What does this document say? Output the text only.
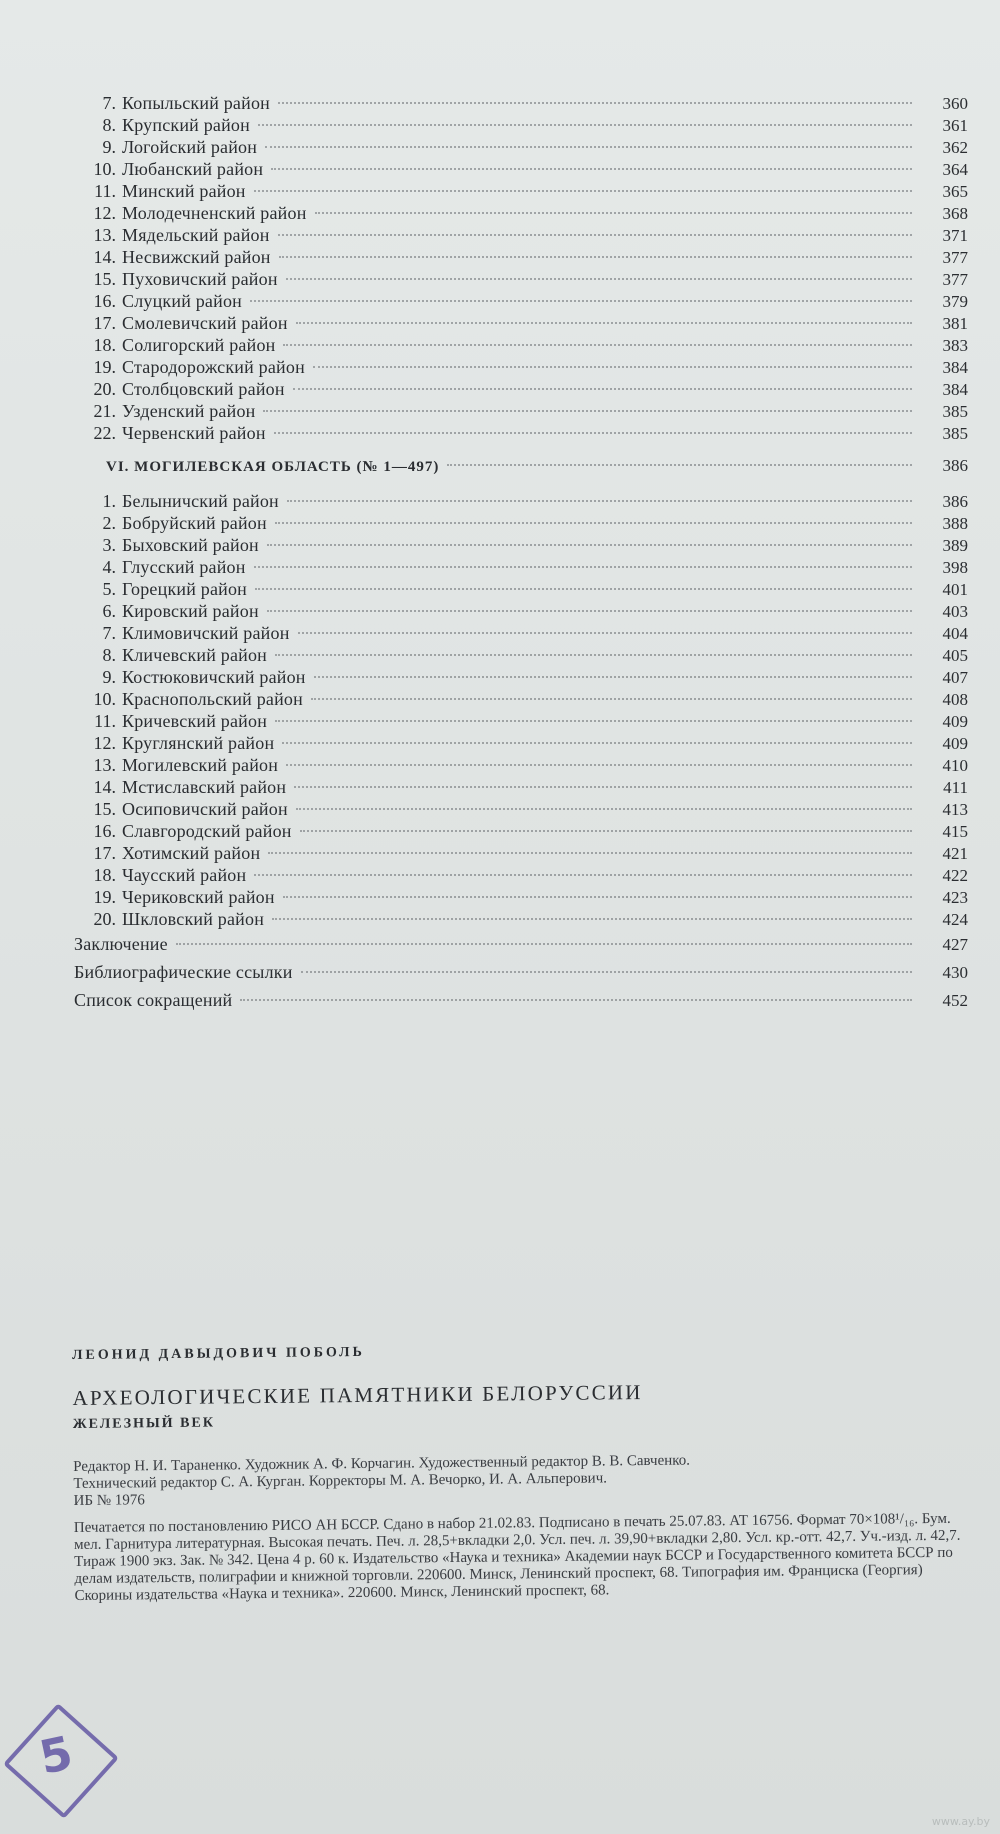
7. Копыльский район	360
8. Крупский район	361
9. Логойский район	362
10. Любанский район	364
11. Минский район	365
12. Молодечненский район	368
13. Мядельский район	371
14. Несвижский район	377
15. Пуховичский район	377
16. Слуцкий район	379
17. Смолевичский район	381
18. Солигорский район	383
19. Стародорожский район	384
20. Столбцовский район	384
21. Узденский район	385
22. Червенский район	385
VI. МОГИЛЕВСКАЯ ОБЛАСТЬ (№ 1—497)	386
1. Белыничский район	386
2. Бобруйский район	388
3. Быховский район	389
4. Глусский район	398
5. Горецкий район	401
6. Кировский район	403
7. Климовичский район	404
8. Кличевский район	405
9. Костюковичский район	407
10. Краснопольский район	408
11. Кричевский район	409
12. Круглянский район	409
13. Могилевский район	410
14. Мстиславский район	411
15. Осиповичский район	413
16. Славгородский район	415
17. Хотимский район	421
18. Чаусский район	422
19. Чериковский район	423
20. Шкловский район	424
Заключение	427
Библиографические ссылки	430
Список сокращений	452
ЛЕОНИД ДАВЫДОВИЧ ПОБОЛЬ
АРХЕОЛОГИЧЕСКИЕ ПАМЯТНИКИ БЕЛОРУССИИ
ЖЕЛЕЗНЫЙ ВЕК

Редактор Н. И. Тараненко. Художник А. Ф. Корчагин. Художественный редактор В. В. Савченко.

Технический редактор С. А. Курган. Корректоры М. А. Вечорко, И. А. Альперович.

ИБ № 1976

Печатается по постановлению РИСО АН БССР. Сдано в набор 21.02.83. Подписано в печать 25.07.83. АТ 16756. Формат 70×108¹/₁₆. Бум. мел. Гарнитура литературная. Высокая печать. Печ. л. 28,5+вкладки 2,0. Усл. печ. л. 39,90+вкладки 2,80. Усл. кр.-отт. 42,7. Уч.-изд. л. 42,7. Тираж 1900 экз. Зак. № 342. Цена 4 р. 60 к. Издательство «Наука и техника» Академии наук БССР и Государственного комитета БССР по делам издательств, полиграфии и книжной торговли. 220600. Минск, Ленинский проспект, 68. Типография им. Франциска (Георгия) Скорины издательства «Наука и техника». 220600. Минск, Ленинский проспект, 68.
5
www.ay.by
